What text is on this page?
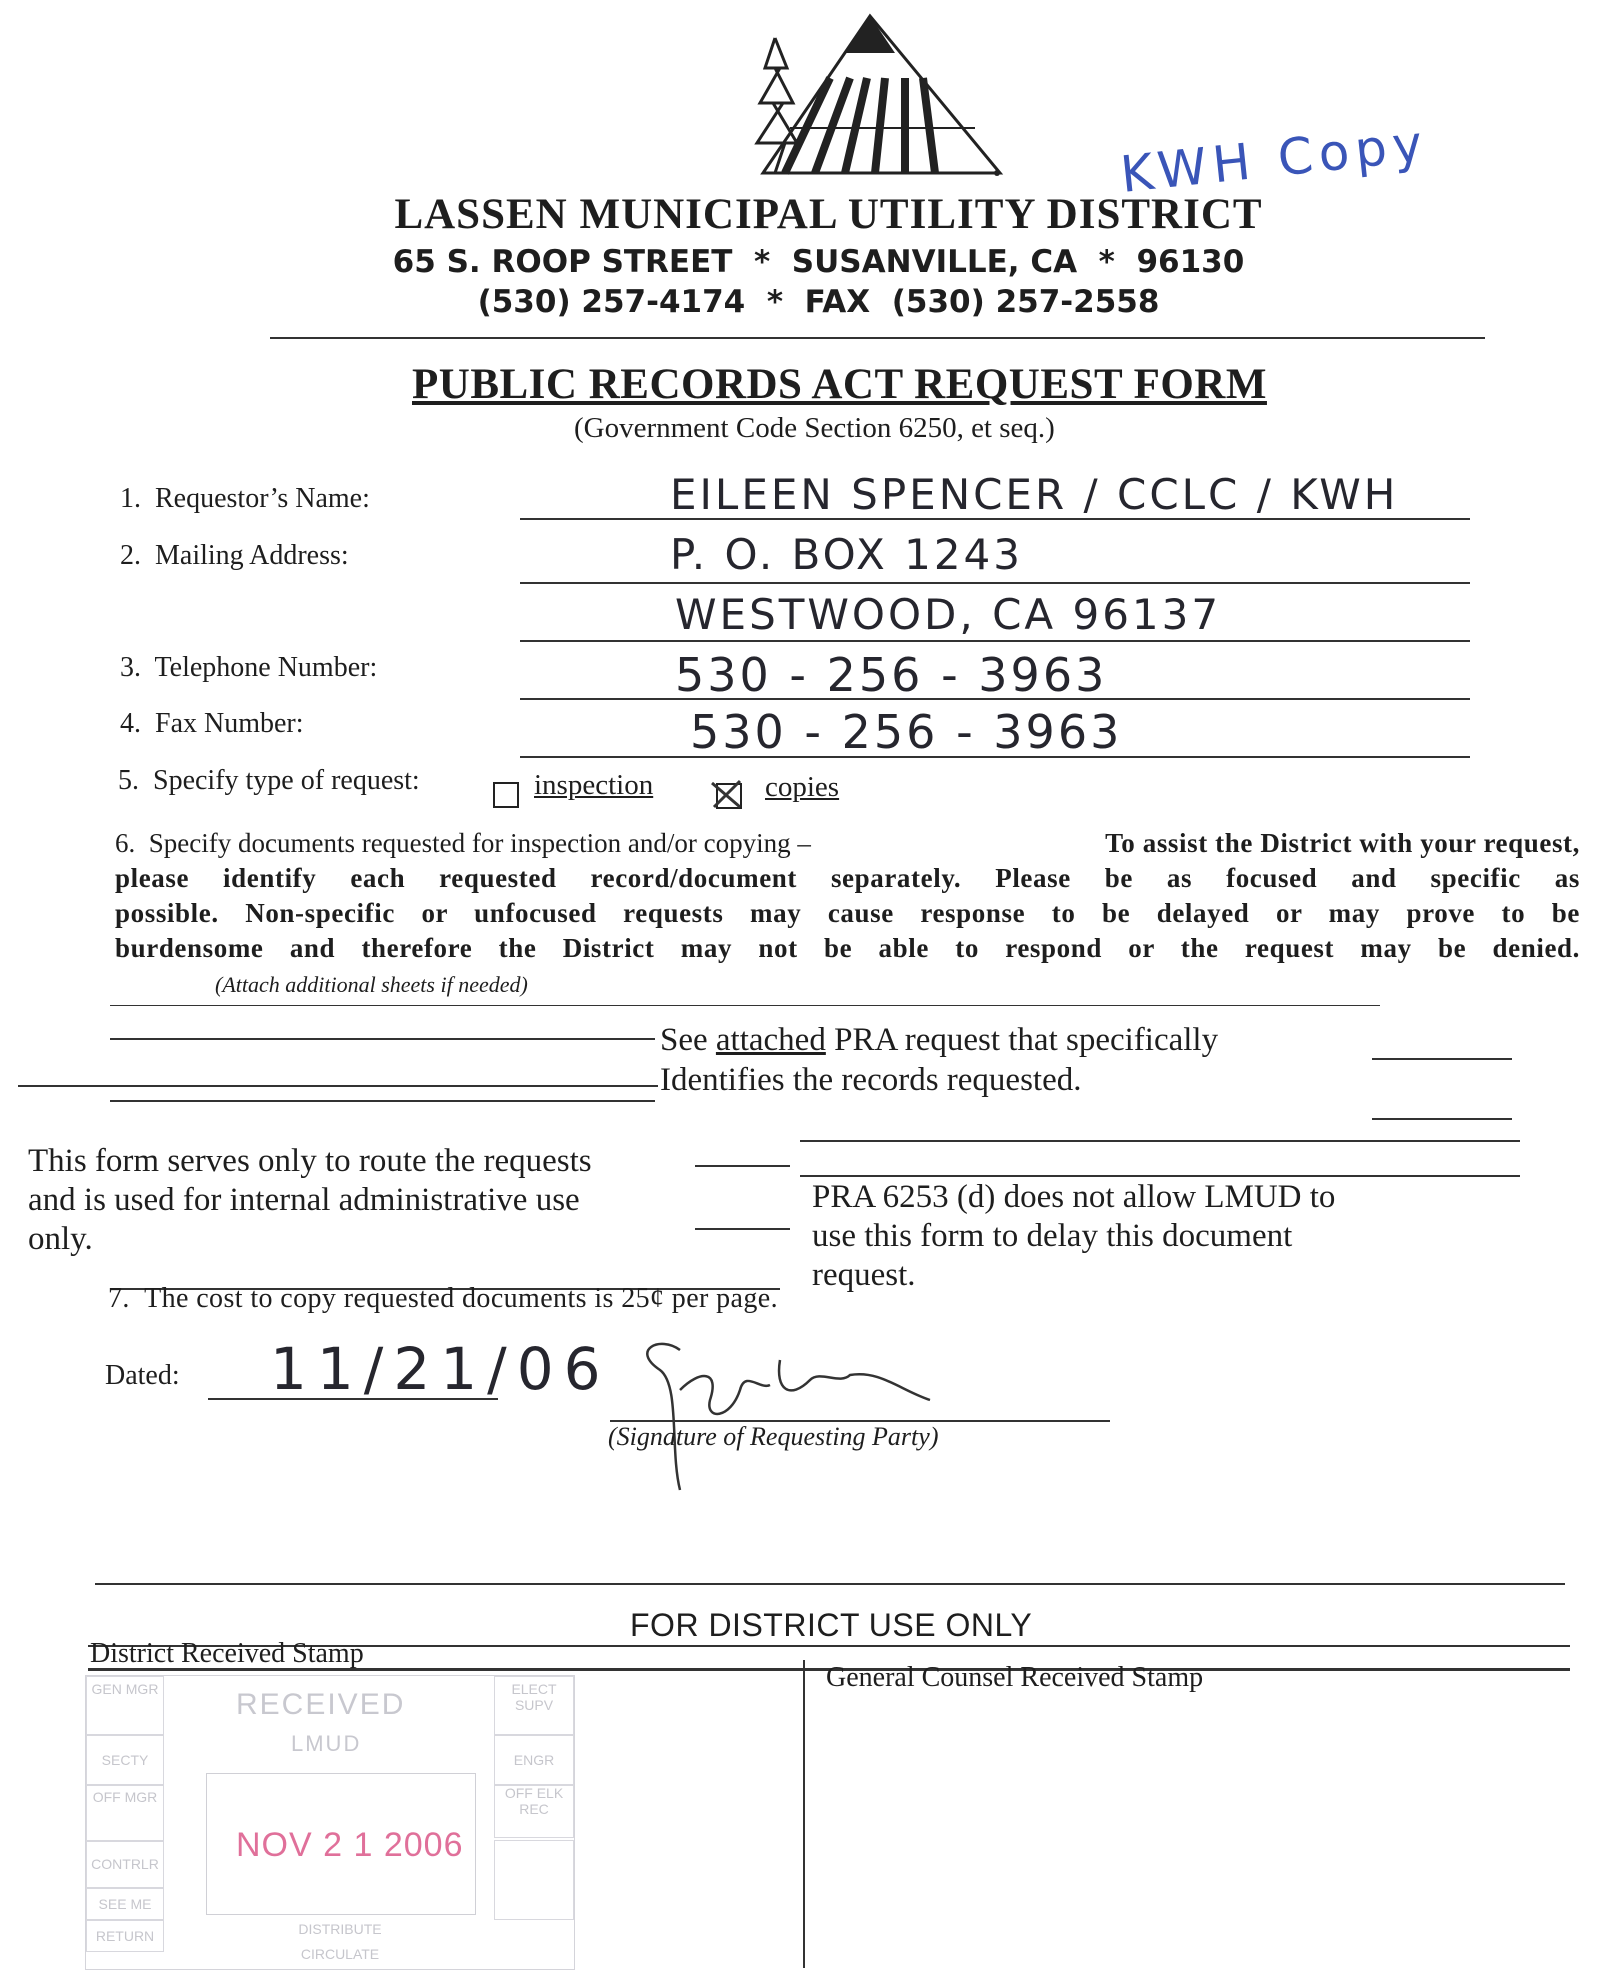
KWH Copy
LASSEN MUNICIPAL UTILITY DISTRICT
65 S. ROOP STREET  *  SUSANVILLE, CA  *  96130
(530) 257-4174  *  FAX  (530) 257-2558
PUBLIC RECORDS ACT REQUEST FORM
(Government Code Section 6250, et seq.)
1.  Requestor’s Name:	EILEEN SPENCER / CCLC / KWH
2.  Mailing Address:	P. O. BOX 1243
WESTWOOD, CA 96137
3.  Telephone Number:	530 - 256 - 3963
4.  Fax Number:	530 - 256 - 3963
5.  Specify type of request:	inspection	copies
6.  Specify documents requested for inspection and/or copying –	To assist the District with your request,
please identify each requested record/document separately. Please be as focused and specific as
possible. Non-specific or unfocused requests may cause response to be delayed or may prove to be
burdensome and therefore the District may not be able to respond or the request may be denied.
(Attach additional sheets if needed)
See attached PRA request that specifically
Identifies the records requested.
This form serves only to route the requests
and is used for internal administrative use
only.
PRA 6253 (d) does not allow LMUD to
use this form to delay this document
request.
7.  The cost to copy requested documents is 25¢ per page.
Dated: 11/21/06
(Signature of Requesting Party)
FOR DISTRICT USE ONLY
District Received Stamp
General Counsel Received Stamp
GEN MGR
SECTY
OFF MGR
CONTRLR
SEE ME
RETURN
ELECT SUPV
ENGR
OFF ELK REC
RECEIVED
LMUD
NOV 2 1 2006
DISTRIBUTE
CIRCULATE
